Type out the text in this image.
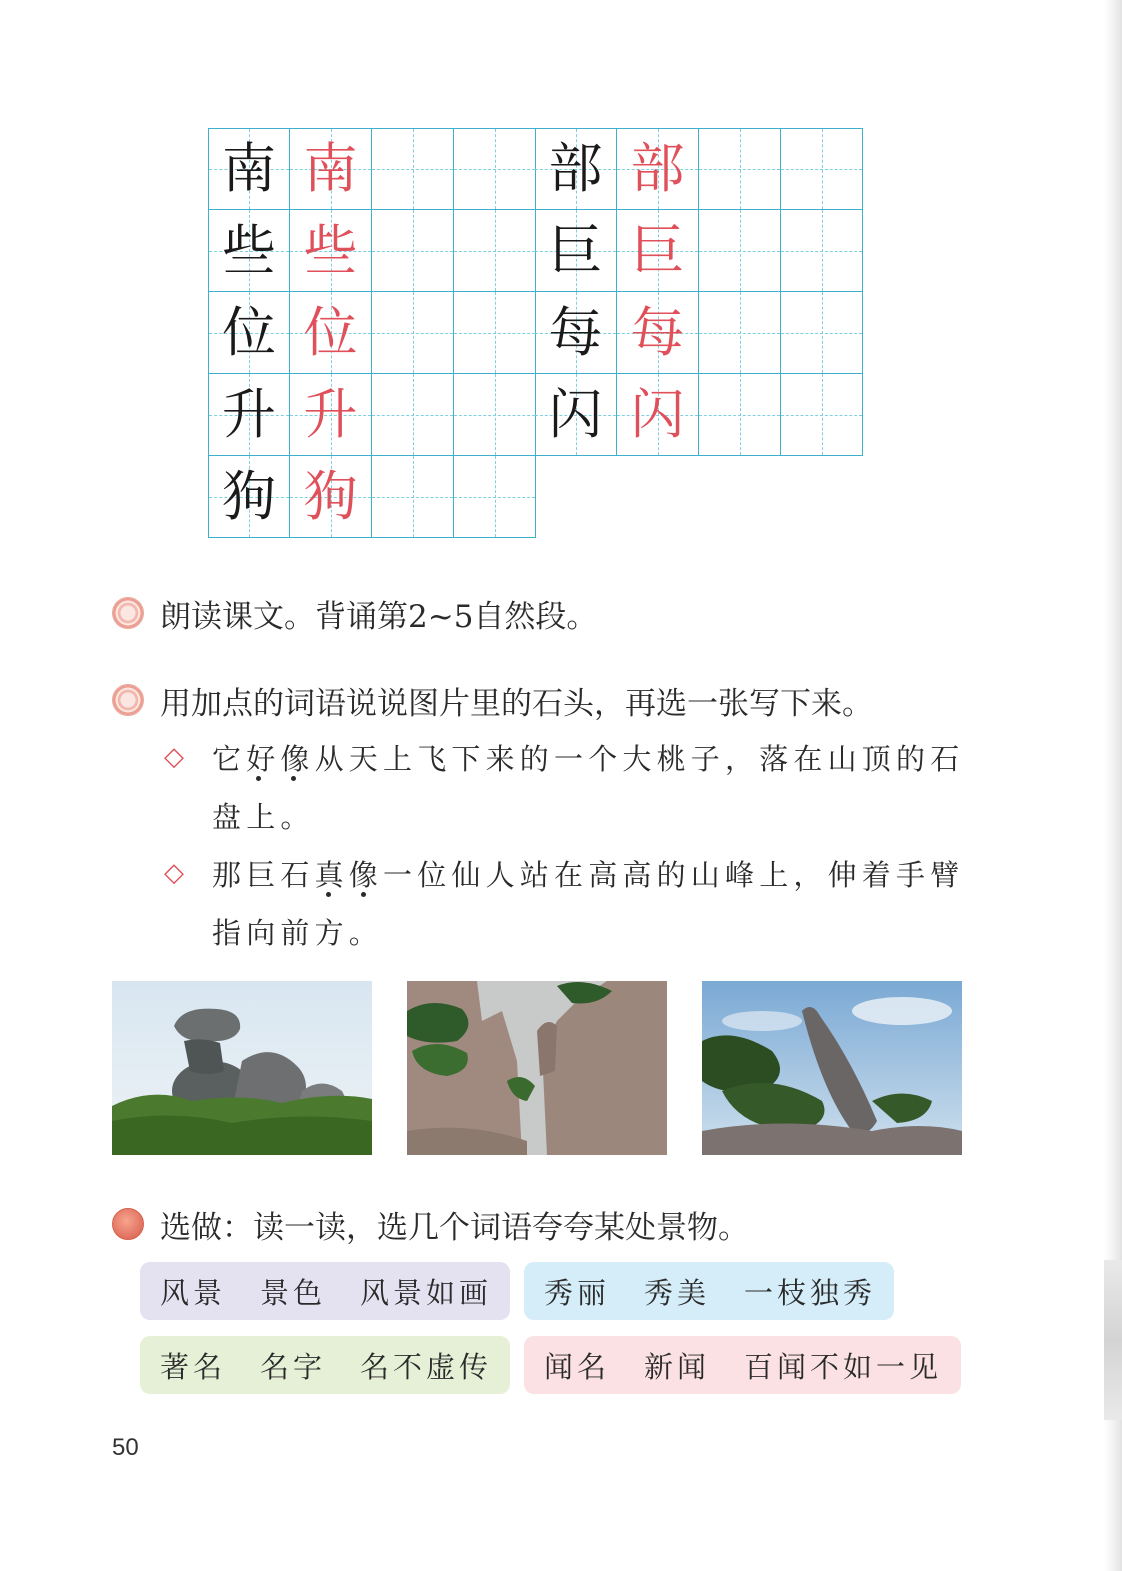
南 南
些 些
位 位
升 升
狗 狗
部 部
巨 巨
每 每
闪 闪
朗读课文。背诵第2~5自然段。
用加点的词语说说图片里的石头，再选一张写下来。
◇ 它好像从天上飞下来的一个大桃子，落在山顶的石
盘上。
◇ 那巨石真像一位仙人站在高高的山峰上，伸着手臂
指向前方。
选做：读一读，选几个词语夸夸某处景物。
风景 景色 风景如画 秀丽 秀美 一枝独秀
著名 名字 名不虚传 闻名 新闻 百闻不如一见
50
